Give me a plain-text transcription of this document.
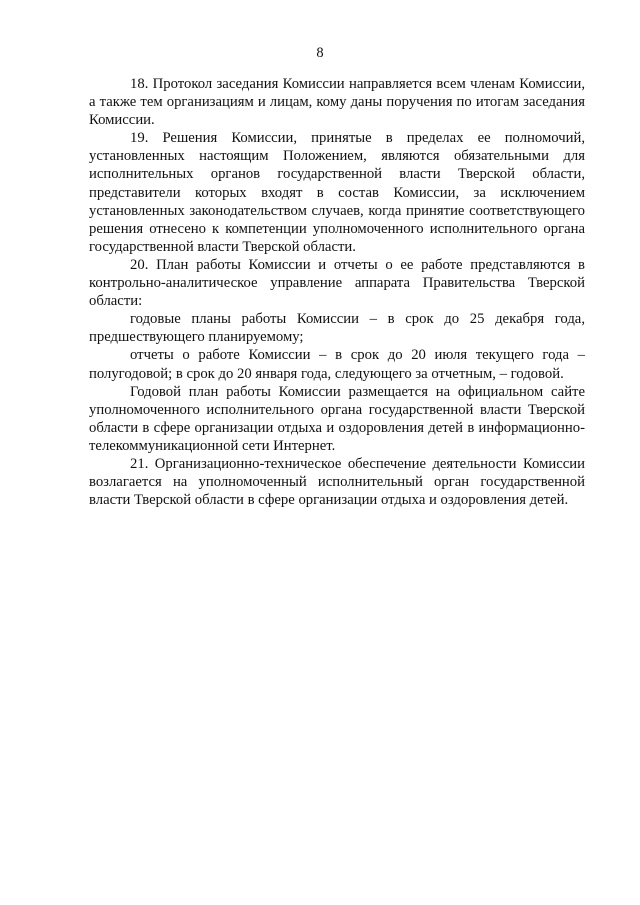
8

18. Протокол заседания Комиссии направляется всем членам Комиссии, а также тем организациям и лицам, кому даны поручения по итогам заседания Комиссии.

19. Решения Комиссии, принятые в пределах ее полномочий, установленных настоящим Положением, являются обязательными для исполнительных органов государственной власти Тверской области, представители которых входят в состав Комиссии, за исключением установленных законодательством случаев, когда принятие соответствующего решения отнесено к компетенции уполномоченного исполнительного органа государственной власти Тверской области.

20. План работы Комиссии и отчеты о ее работе представляются в контрольно-аналитическое управление аппарата Правительства Тверской области:

годовые планы работы Комиссии – в срок до 25 декабря года, предшествующего планируемому;

отчеты о работе Комиссии – в срок до 20 июля текущего года – полугодовой; в срок до 20 января года, следующего за отчетным, – годовой.

Годовой план работы Комиссии размещается на официальном сайте уполномоченного исполнительного органа государственной власти Тверской области в сфере организации отдыха и оздоровления детей в информационно-телекоммуникационной сети Интернет.

21. Организационно-техническое обеспечение деятельности Комиссии возлагается на уполномоченный исполнительный орган государственной власти Тверской области в сфере организации отдыха и оздоровления детей.
